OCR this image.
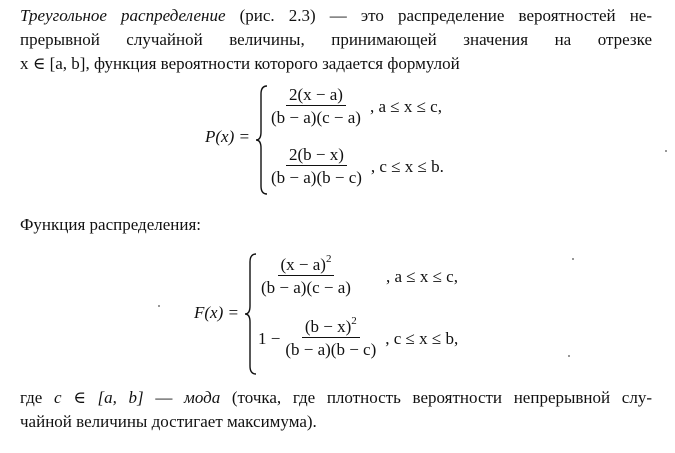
Треугольное распределение (рис. 2.3) — это распределение вероятностей не-
прерывной случайной величины, принимающей значения на отрезке
x ∈ [a, b], функция вероятности которого задается формулой
P(x) =
$\frac{2(x - a)}{(b - a)(c - a)}$ , a ≤ x ≤ c,
$\frac{2(b - x)}{(b - a)(b - c)}$ , c ≤ x ≤ b.
Функция распределения:
F(x) =
$\frac{(x - a)^2}{(b - a)(c - a)}$ , a ≤ x ≤ c,
$1 - \frac{(b - x)^2}{(b - a)(b - c)}$ , c ≤ x ≤ b,
где c ∈ [a, b] — мода (точка, где плотность вероятности непрерывной слу-
чайной величины достигает максимума).
